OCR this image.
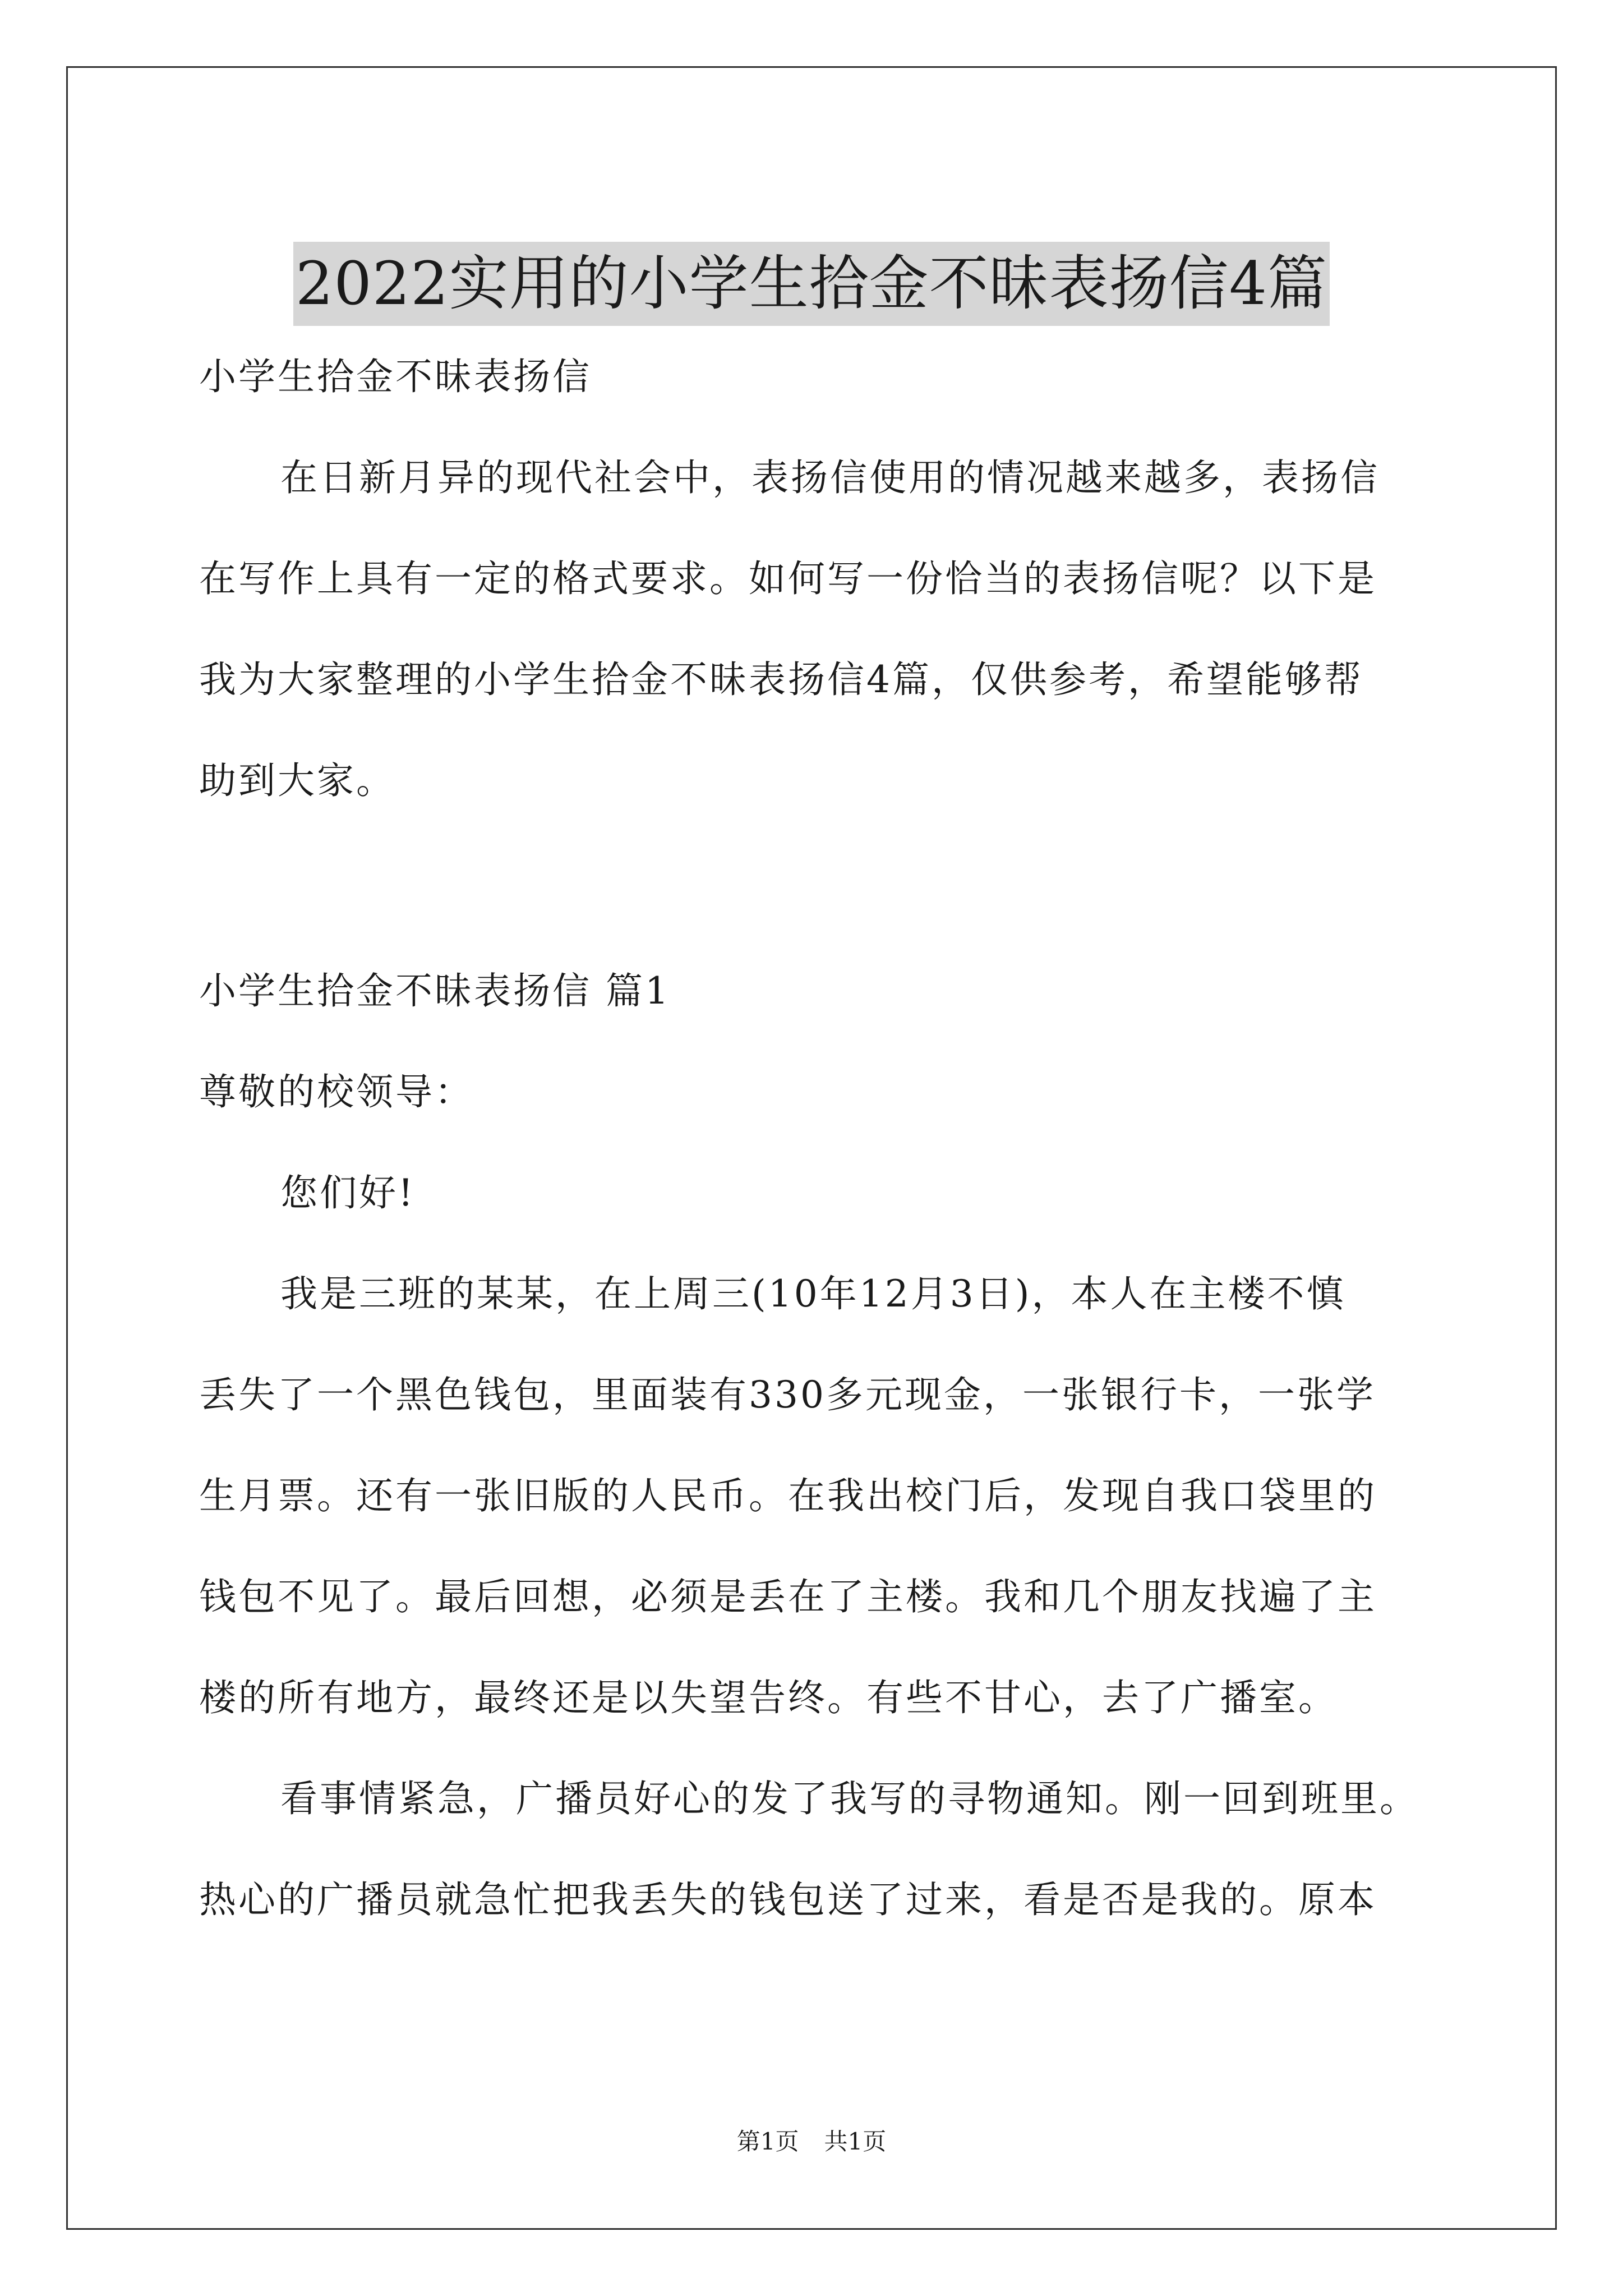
2022实用的小学生拾金不昧表扬信4篇
小学生拾金不昧表扬信
在日新月异的现代社会中，表扬信使用的情况越来越多，表扬信
在写作上具有一定的格式要求。如何写一份恰当的表扬信呢？以下是
我为大家整理的小学生拾金不昧表扬信4篇，仅供参考，希望能够帮
助到大家。
小学生拾金不昧表扬信 篇1
尊敬的校领导：
您们好!
我是三班的某某，在上周三(10年12月3日)，本人在主楼不慎
丢失了一个黑色钱包，里面装有330多元现金，一张银行卡，一张学
生月票。还有一张旧版的人民币。在我出校门后，发现自我口袋里的
钱包不见了。最后回想，必须是丢在了主楼。我和几个朋友找遍了主
楼的所有地方，最终还是以失望告终。有些不甘心，去了广播室。
看事情紧急，广播员好心的发了我写的寻物通知。刚一回到班里。
热心的广播员就急忙把我丢失的钱包送了过来，看是否是我的。原本
第1页 共1页
